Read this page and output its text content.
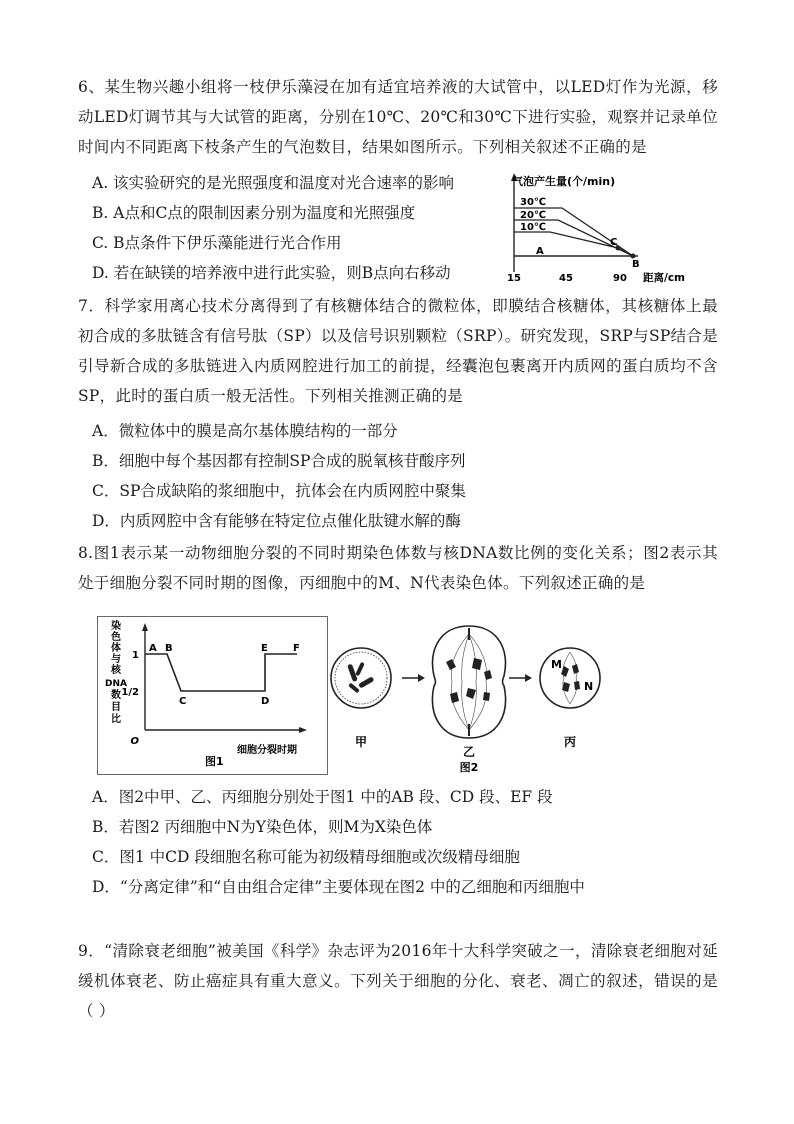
6、某生物兴趣小组将一枝伊乐藻浸在加有适宜培养液的大试管中，以LED灯作为光源，移动LED灯调节其与大试管的距离，分别在10℃、20℃和30℃下进行实验，观察并记录单位时间内不同距离下枝条产生的气泡数目，结果如图所示。下列相关叙述不正确的是
A. 该实验研究的是光照强度和温度对光合速率的影响
B. A点和C点的限制因素分别为温度和光照强度
C. B点条件下伊乐藻能进行光合作用
D. 若在缺镁的培养液中进行此实验，则B点向右移动
气泡产生量(个/min)
30℃
20℃
10℃
A
C
B
15	45	90 距离/cm
7．科学家用离心技术分离得到了有核糖体结合的微粒体，即膜结合核糖体，其核糖体上最初合成的多肽链含有信号肽（SP）以及信号识别颗粒（SRP）。研究发现，SRP与SP结合是引导新合成的多肽链进入内质网腔进行加工的前提，经囊泡包裹离开内质网的蛋白质均不含SP，此时的蛋白质一般无活性。下列相关推测正确的是
A．微粒体中的膜是高尔基体膜结构的一部分
B．细胞中每个基因都有控制SP合成的脱氧核苷酸序列
C．SP合成缺陷的浆细胞中，抗体会在内质网腔中聚集
D．内质网腔中含有能够在特定位点催化肽键水解的酶
8.图1表示某一动物细胞分裂的不同时期染色体数与核DNA数比例的变化关系；图2表示其处于细胞分裂不同时期的图像，丙细胞中的M、N代表染色体。下列叙述正确的是
染
色
体
与
核
DNA
数
目
比
1
1/2
O
A B
C	D
E	F
细胞分裂时期
图1
M
N
甲
乙
丙
图2
A．图2中甲、乙、丙细胞分别处于图1 中的AB 段、CD 段、EF 段
B．若图2 丙细胞中N为Y染色体，则M为X染色体
C．图1 中CD 段细胞名称可能为初级精母细胞或次级精母细胞
D．“分离定律”和“自由组合定律”主要体现在图2 中的乙细胞和丙细胞中
9．“清除衰老细胞”被美国《科学》杂志评为2016年十大科学突破之一，清除衰老细胞对延缓机体衰老、防止癌症具有重大意义。下列关于细胞的分化、衰老、凋亡的叙述，错误的是（ ）
